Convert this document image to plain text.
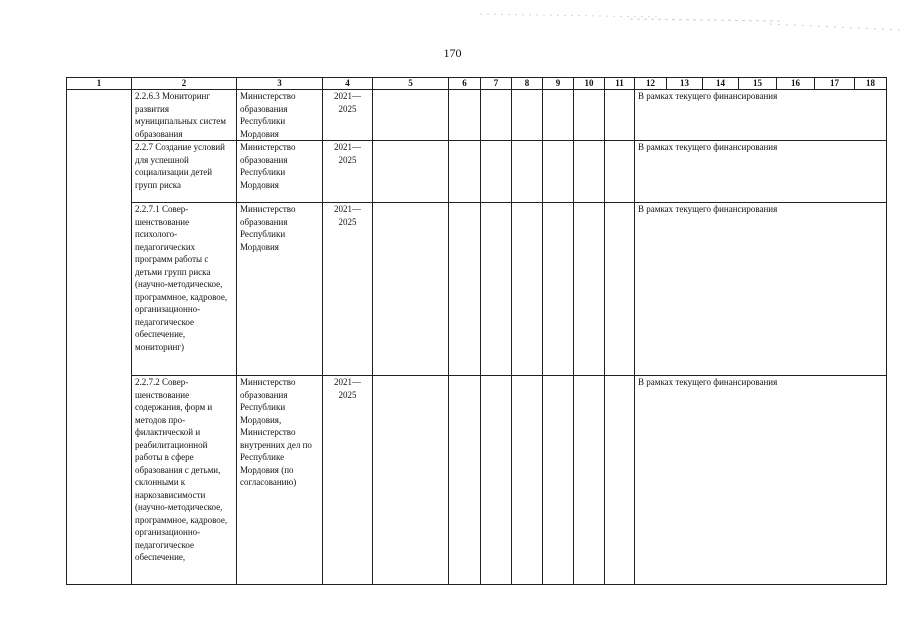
170
1	2	3	4	5	6	7	8	9	10	11	12	13	14	15	16	17	18
	2.2.6.3 Мониторинг развития муниципальных систем образования	Министерство образования Республики Мордовия	2021— 2025								В рамках текущего финансирования						
	2.2.7 Создание условий для успешной социализации детей групп риска	Министерство образования Республики Мордовия	2021— 2025								В рамках текущего финансирования						
	2.2.7.1 Совер-шенствование психолого-педагогических программ работы с детьми групп риска (научно-методическое, программное, кадровое, организационно-педагогическое обеспечение, мониторинг)	Министерство образования Республики Мордовия	2021— 2025								В рамках текущего финансирования						
	2.2.7.2 Совер-шенствование содержания, форм и методов про-филактической и реабилитационной работы в сфере образования с детьми, склонными к наркозависимости (научно-методическое, программное, кадровое, организационно-педагогическое обеспечение,	Министерство образования Республики Мордовия, Министерство внутренних дел по Республике Мордовия (по согласованию)	2021— 2025								В рамках текущего финансирования						
